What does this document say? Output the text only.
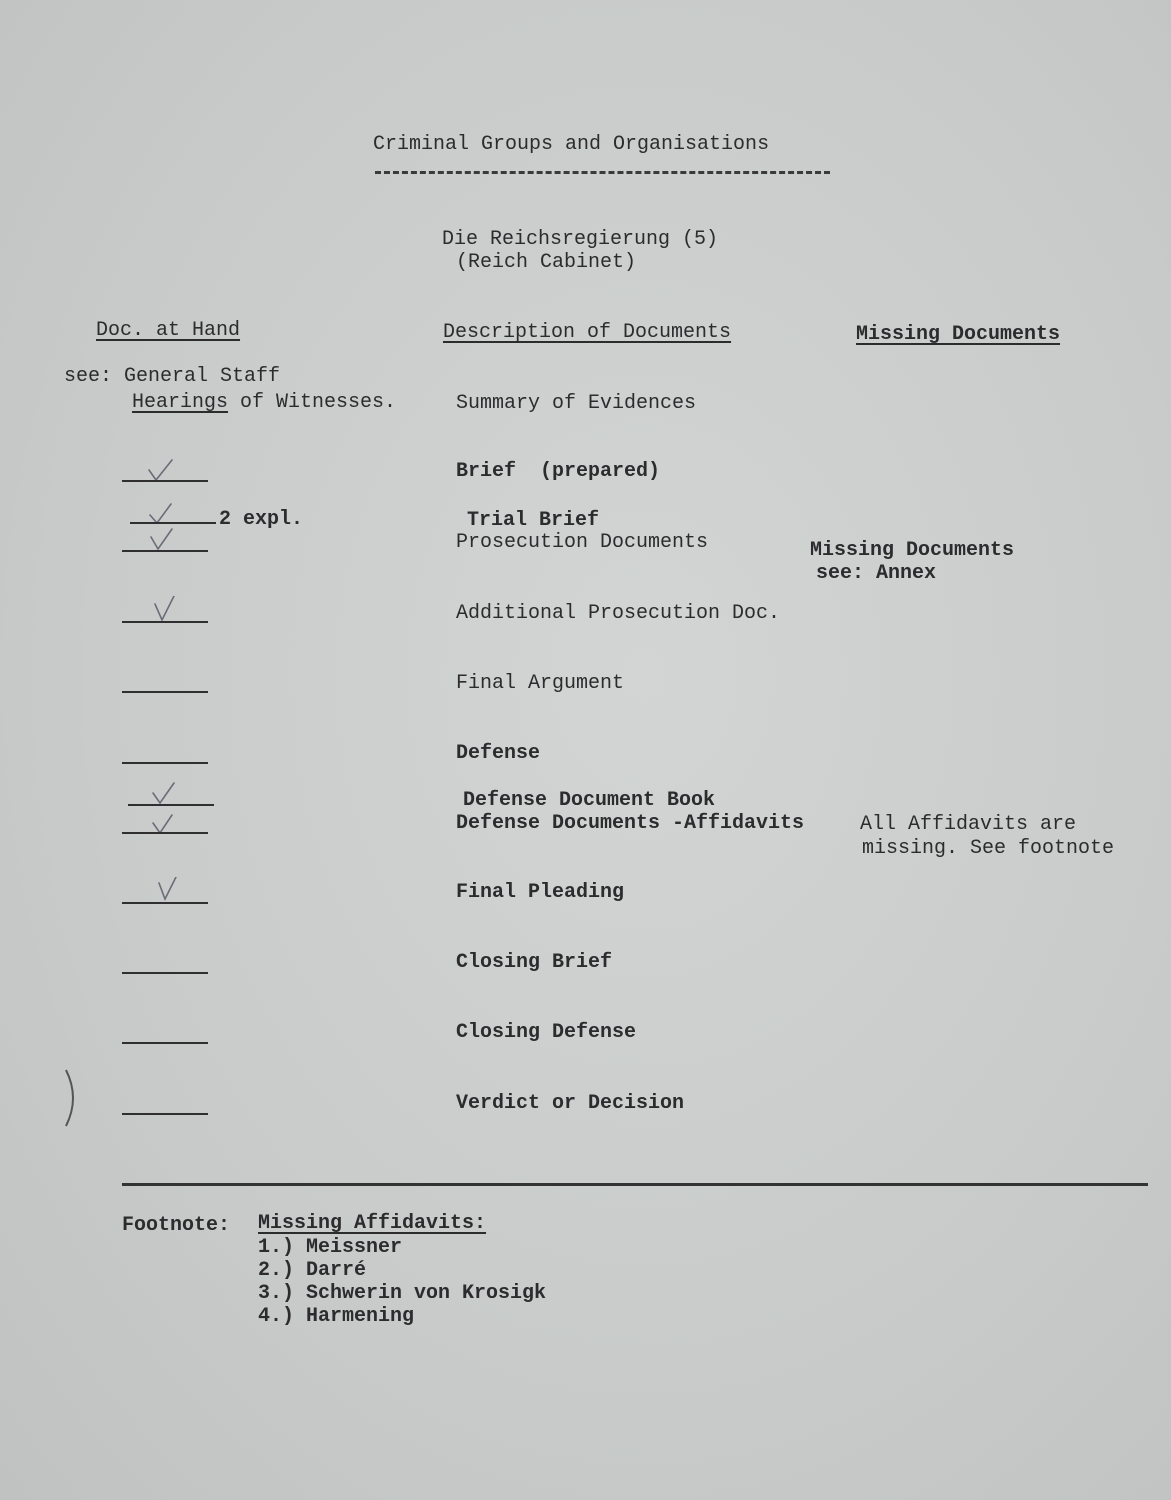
Criminal Groups and Organisations
Die Reichsregierung (5)
(Reich Cabinet)
Doc. at Hand	Description of Documents	Missing Documents
see: General Staff
Hearings of Witnesses.	Summary of Evidences
Brief  (prepared)
2 expl.	Trial Brief
Prosecution Documents	Missing Documents
see: Annex
Additional Prosecution Doc.
Final Argument
Defense
Defense Document Book
Defense Documents -Affidavits	All Affidavits are
missing. See footnote
Final Pleading
Closing Brief
Closing Defense
Verdict or Decision
Footnote: Missing Affidavits:
1.) Meissner
2.) Darré
3.) Schwerin von Krosigk
4.) Harmening
